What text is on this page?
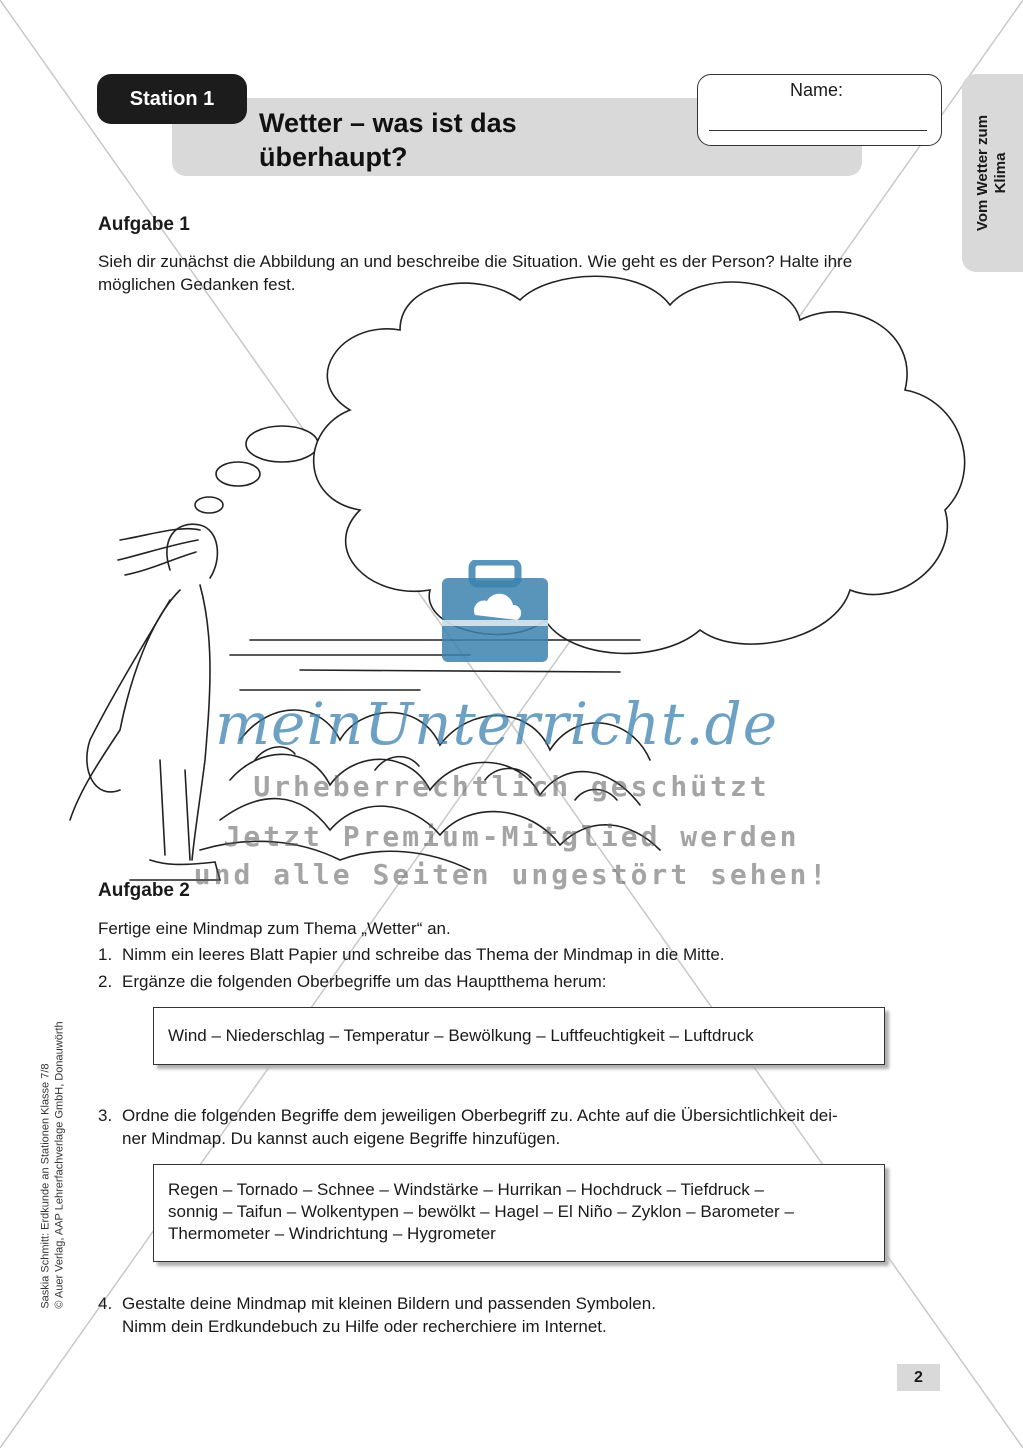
Station 1
Wetter – was ist das
überhaupt?
Name:
Vom Wetter zum Klima
Aufgabe 1
Sieh dir zunächst die Abbildung an und beschreibe die Situation. Wie geht es der Person? Halte ihre
möglichen Gedanken fest.
meinUnterricht.de
Urheberrechtlich geschützt
Jetzt Premium-Mitglied werden
und alle Seiten ungestört sehen!
Aufgabe 2
Fertige eine Mindmap zum Thema „Wetter“ an.
1. Nimm ein leeres Blatt Papier und schreibe das Thema der Mindmap in die Mitte.
2. Ergänze die folgenden Oberbegriffe um das Hauptthema herum:
Wind – Niederschlag – Temperatur – Bewölkung – Luftfeuchtigkeit – Luftdruck
3. Ordne die folgenden Begriffe dem jeweiligen Oberbegriff zu. Achte auf die Übersichtlichkeit dei-
ner Mindmap. Du kannst auch eigene Begriffe hinzufügen.
Regen – Tornado – Schnee – Windstärke – Hurrikan – Hochdruck – Tiefdruck –
sonnig – Taifun – Wolkentypen – bewölkt – Hagel – El Niño – Zyklon – Barometer –
Thermometer – Windrichtung – Hygrometer
4. Gestalte deine Mindmap mit kleinen Bildern und passenden Symbolen.
Nimm dein Erdkundebuch zu Hilfe oder recherchiere im Internet.
Saskia Schmitt: Erdkunde an Stationen Klasse 7/8 © Auer Verlag, AAP Lehrerfachverlage GmbH, Donauwörth
2
